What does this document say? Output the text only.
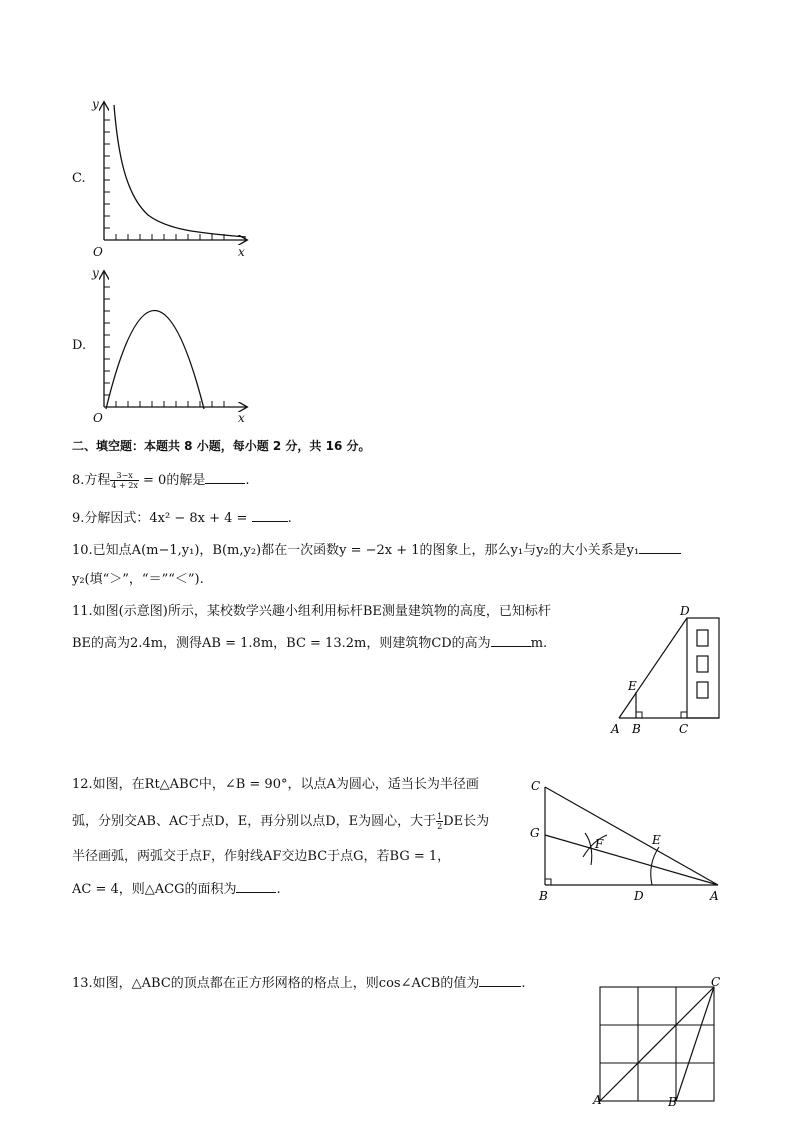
C.
y
O	x
D.
y
O	x
二、填空题：本题共 8 小题，每小题 2 分，共 16 分。
8.方程 $\frac{3-x}{4 + 2x} = 0$的解是	.
9.分解因式：4x² − 8x + 4 =	.
10.已知点A(m−1,y₁)，B(m,y₂)都在一次函数y = −2x + 1的图象上，那么y₁与y₂的大小关系是y₁
y₂(填“＞”，“＝”“＜”).
11.如图(示意图)所示，某校数学兴趣小组利用标杆BE测量建筑物的高度，已知标杆
BE的高为2.4m，测得AB = 1.8m，BC = 13.2m，则建筑物CD的高为	m.
D
E
A B	C
12.如图，在Rt△ABC中，∠B = 90°，以点A为圆心，适当长为半径画
弧，分别交AB、AC于点D，E，再分别以点D，E为圆心，大于 $\frac{1}{2}$ DE长为
半径画弧，两弧交于点F，作射线AF交边BC于点G，若BG = 1，
AC = 4，则△ACG的面积为	.
C
G
F	E
B	D	A
13.如图，△ABC的顶点都在正方形网格的格点上，则cos∠ACB的值为	.	C
A	B
